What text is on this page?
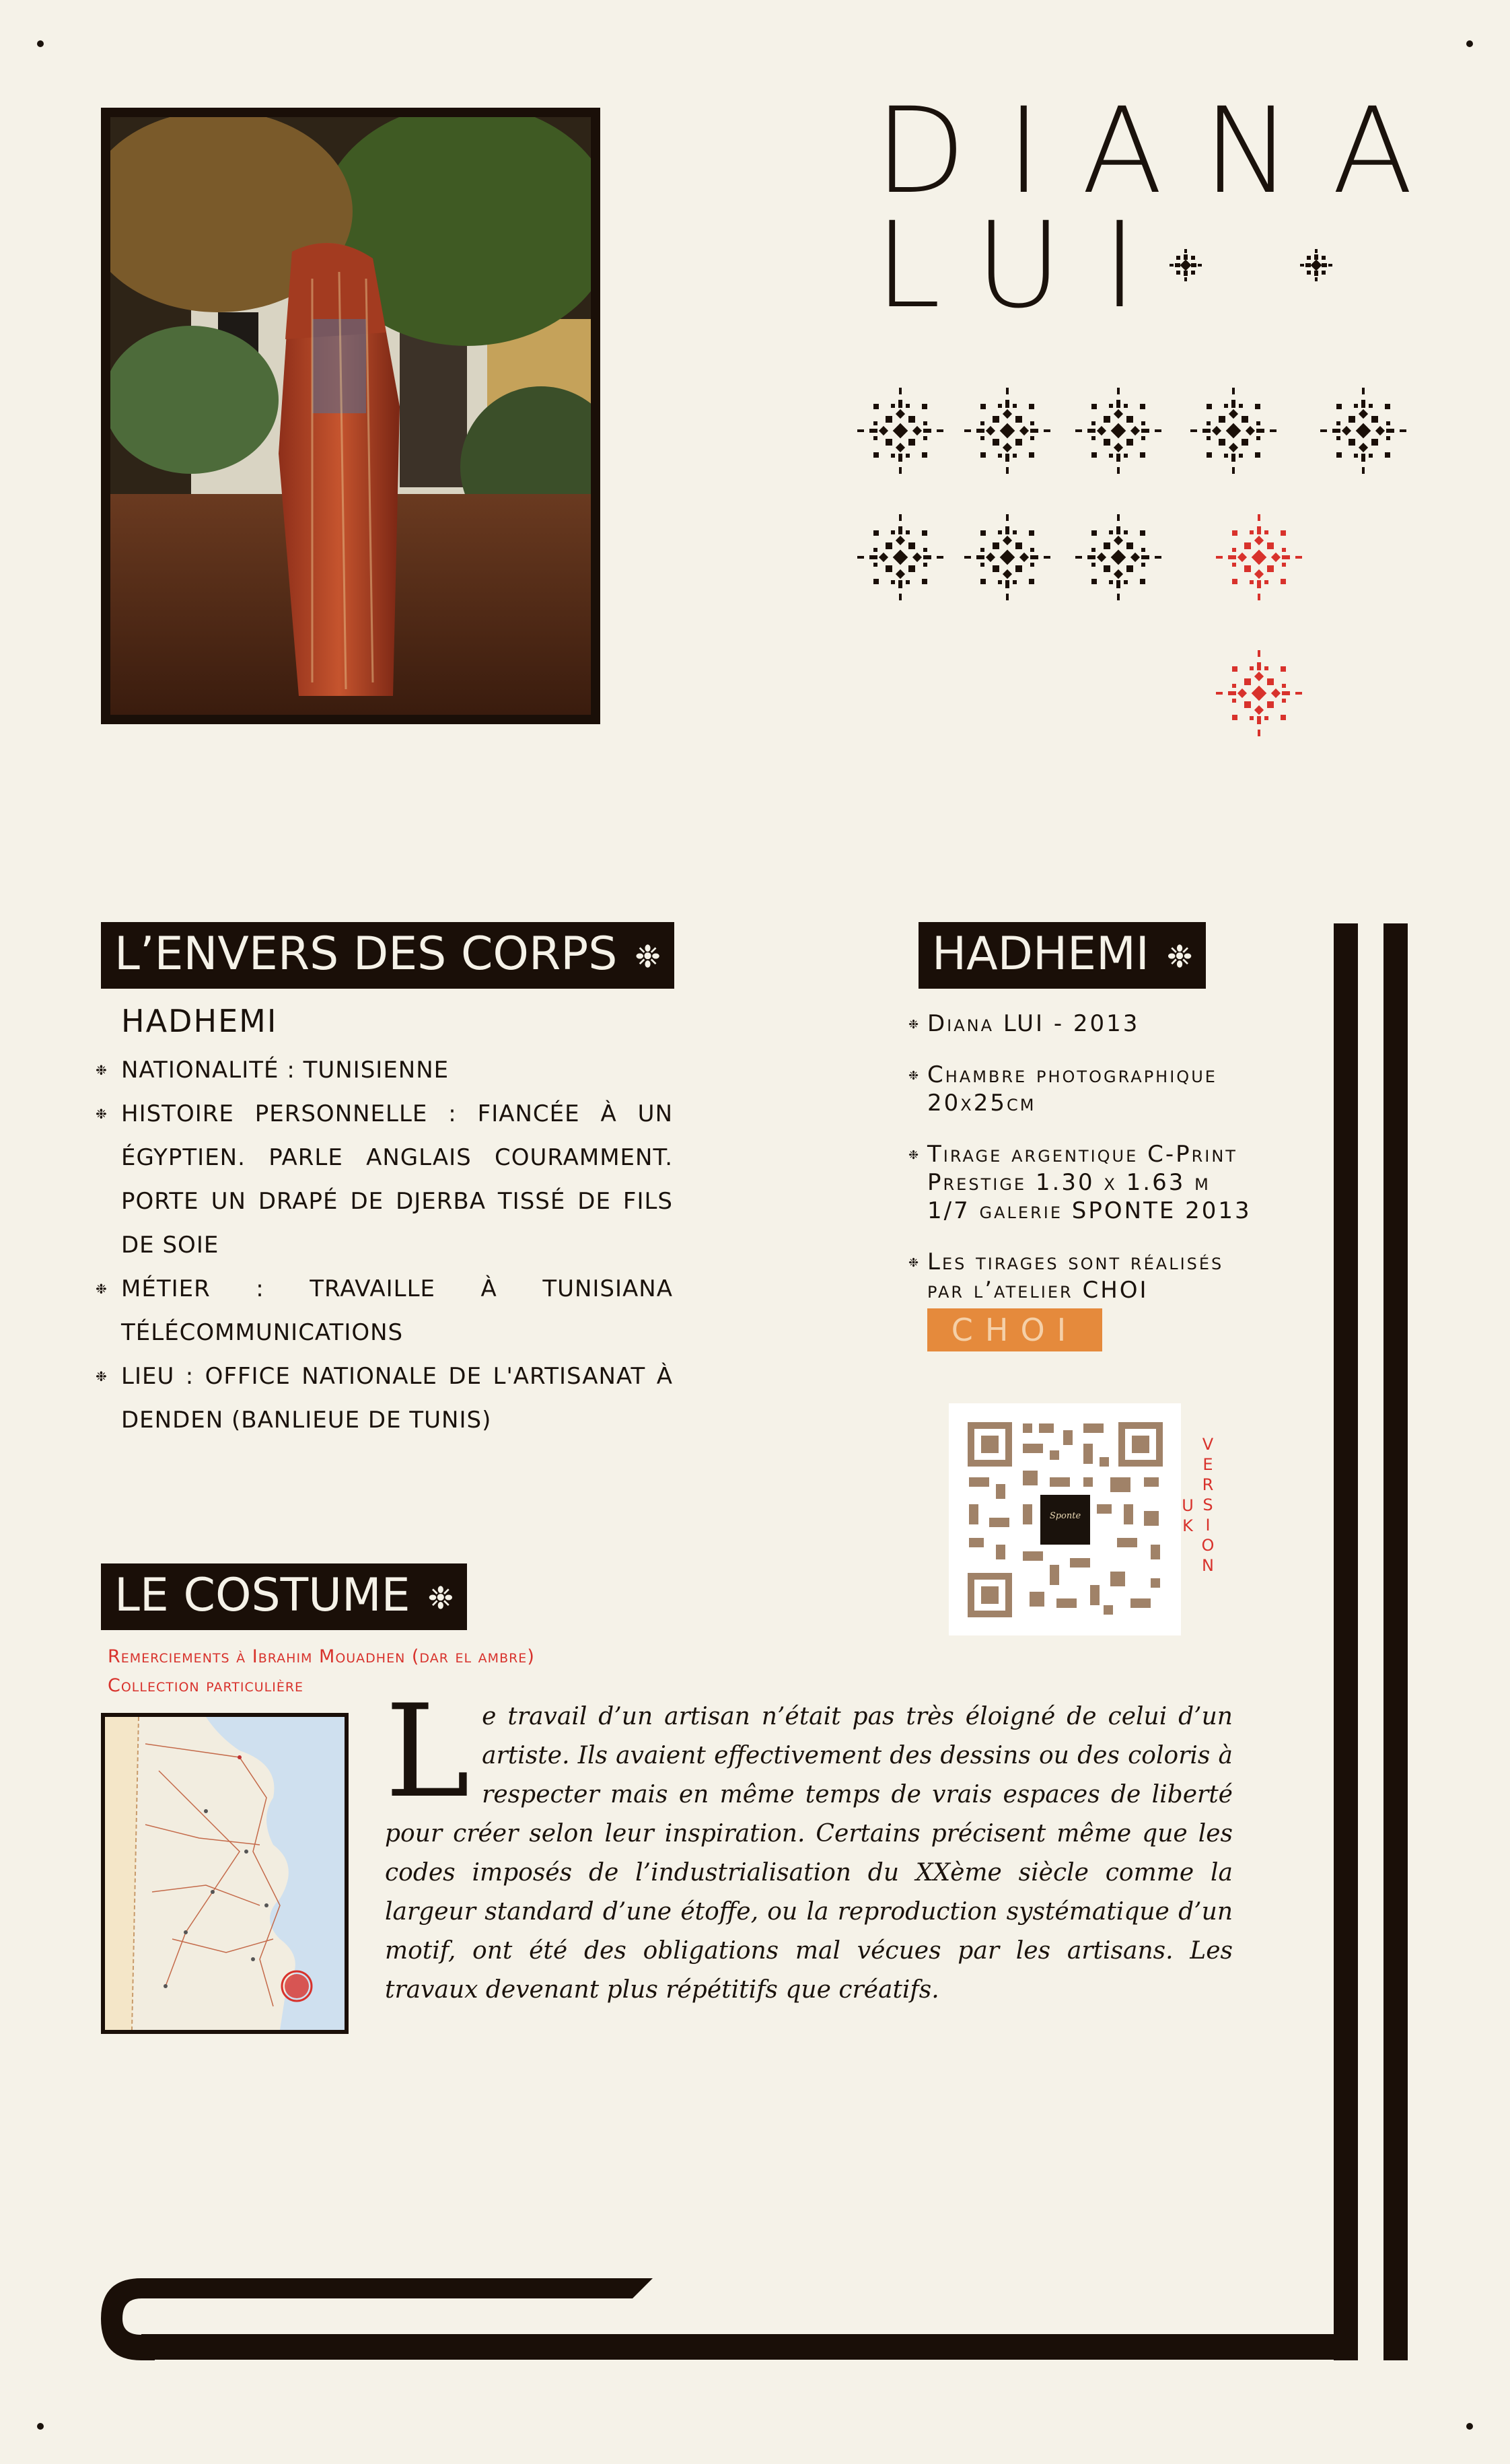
DIANA
LUI
L’ENVERS DES CORPS ❉
HADHEMI
❉ NATIONALITÉ : TUNISIENNE
❉ HISTOIRE PERSONNELLE : FIANCÉE À UN ÉGYPTIEN. PARLE ANGLAIS COURAMMENT. PORTE UN DRAPÉ DE DJERBA TISSÉ DE FILS DE SOIE
❉ MÉTIER : TRAVAILLE À TUNISIANA TÉLÉCOMMUNICATIONS
❉ LIEU : OFFICE NATIONALE DE L'ARTISANAT À DENDEN (BANLIEUE DE TUNIS)
HADHEMI ❉
❉ Diana LUI - 2013
❉ Chambre photographique
20x25cm
❉ Tirage argentique C-Print
Prestige 1.30 x 1.63 m
1/7 galerie SPONTE 2013
❉ Les tirages sont réalisés
par l’atelier CHOI
CHOI
Sponte
U K
V E R S I O N
LE COSTUME ❉
Remerciements à Ibrahim Mouadhen (dar el ambre)
Collection particulière Le travail d’un artisan n’était pas très éloigné de celui d’un artiste. Ils avaient effectivement des dessins ou des coloris à respecter mais en même temps de vrais espaces de liberté pour créer selon leur inspiration. Certains précisent même que les codes imposés de l’industrialisation du XXème siècle comme la largeur standard d’une étoffe, ou la reproduction systématique d’un motif, ont été des obligations mal vécues par les artisans. Les travaux devenant plus répétitifs que créatifs.
